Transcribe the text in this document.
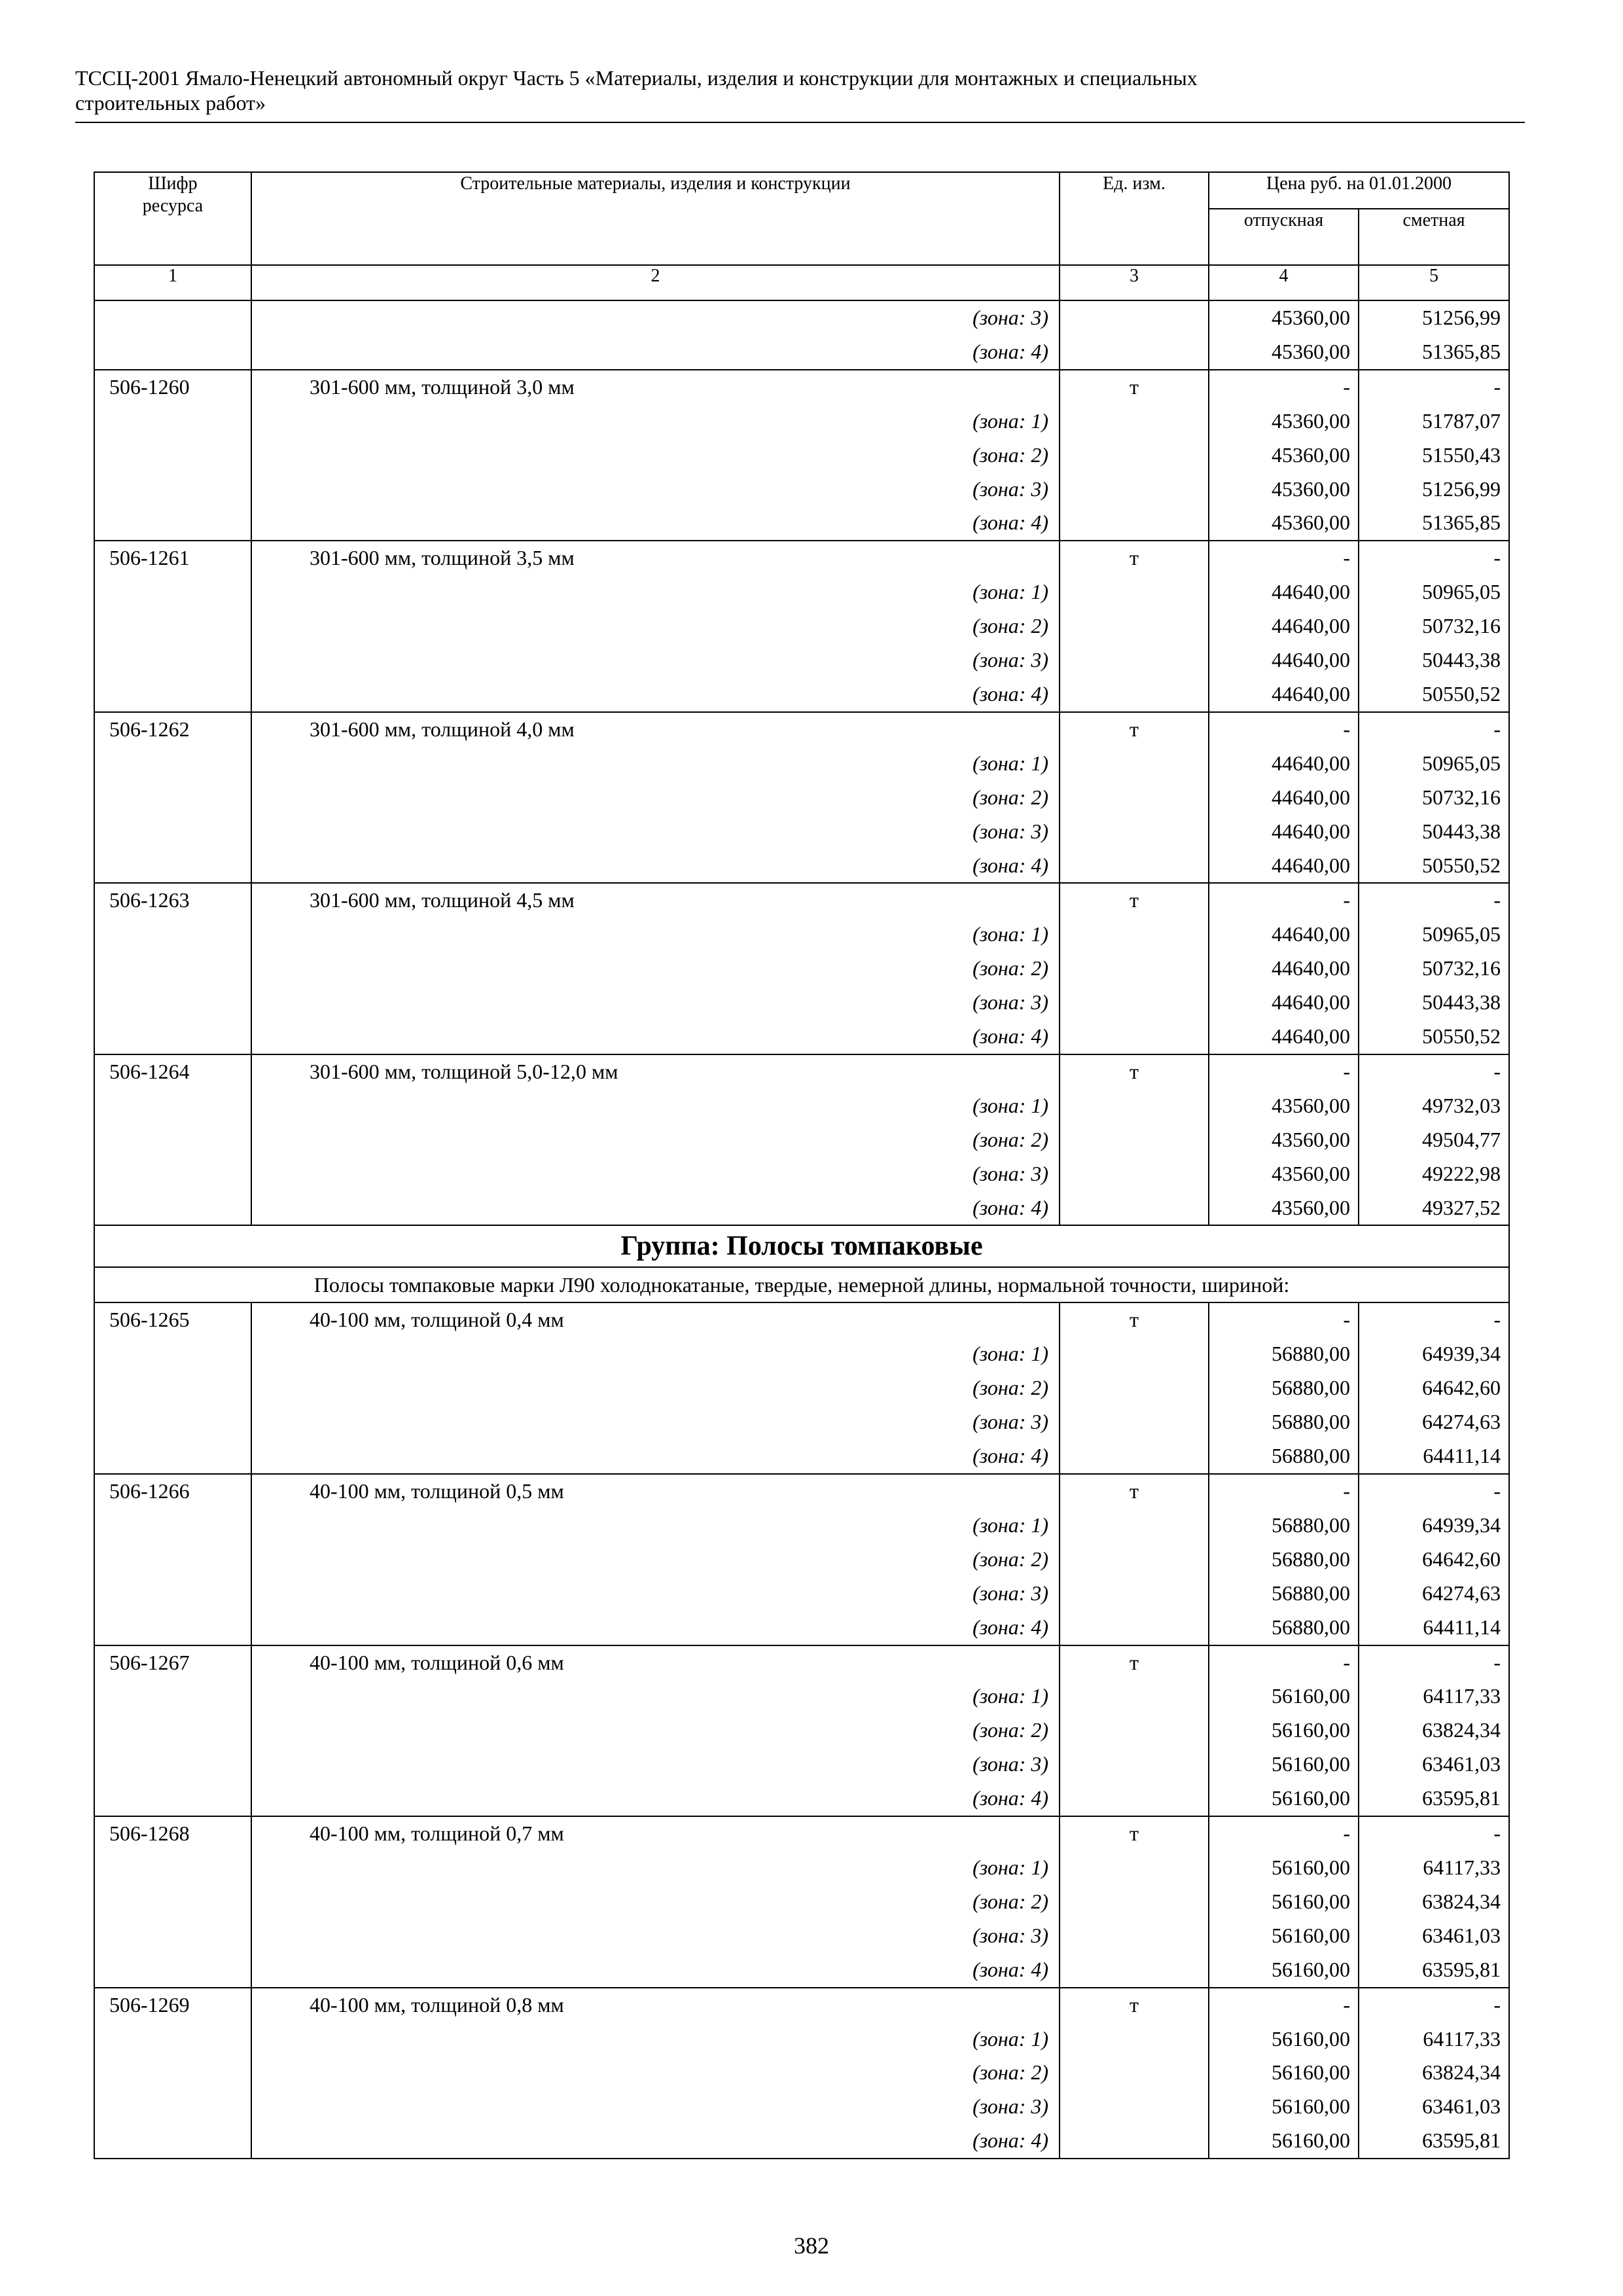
ТССЦ-2001 Ямало-Ненецкий автономный округ Часть 5 «Материалы, изделия и конструкции для монтажных и специальных
строительных работ»
Шифр ресурса	Строительные материалы, изделия и конструкции	Ед. изм.	Цена руб. на 01.01.2000	
			отпускная	сметная
1	2	3	4	5
	(зона: 3)		45360,00	51256,99
	(зона: 4)		45360,00	51365,85
506-1260	301-600 мм, толщиной 3,0 мм	т	-	-
	(зона: 1)		45360,00	51787,07
	(зона: 2)		45360,00	51550,43
	(зона: 3)		45360,00	51256,99
	(зона: 4)		45360,00	51365,85
506-1261	301-600 мм, толщиной 3,5 мм	т	-	-
	(зона: 1)		44640,00	50965,05
	(зона: 2)		44640,00	50732,16
	(зона: 3)		44640,00	50443,38
	(зона: 4)		44640,00	50550,52
506-1262	301-600 мм, толщиной 4,0 мм	т	-	-
	(зона: 1)		44640,00	50965,05
	(зона: 2)		44640,00	50732,16
	(зона: 3)		44640,00	50443,38
	(зона: 4)		44640,00	50550,52
506-1263	301-600 мм, толщиной 4,5 мм	т	-	-
	(зона: 1)		44640,00	50965,05
	(зона: 2)		44640,00	50732,16
	(зона: 3)		44640,00	50443,38
	(зона: 4)		44640,00	50550,52
506-1264	301-600 мм, толщиной 5,0-12,0 мм	т	-	-
	(зона: 1)		43560,00	49732,03
	(зона: 2)		43560,00	49504,77
	(зона: 3)		43560,00	49222,98
	(зона: 4)		43560,00	49327,52
Группа: Полосы томпаковые				
Полосы томпаковые марки Л90 холоднокатаные, твердые, немерной длины, нормальной точности, шириной:				
506-1265	40-100 мм, толщиной 0,4 мм	т	-	-
	(зона: 1)		56880,00	64939,34
	(зона: 2)		56880,00	64642,60
	(зона: 3)		56880,00	64274,63
	(зона: 4)		56880,00	64411,14
506-1266	40-100 мм, толщиной 0,5 мм	т	-	-
	(зона: 1)		56880,00	64939,34
	(зона: 2)		56880,00	64642,60
	(зона: 3)		56880,00	64274,63
	(зона: 4)		56880,00	64411,14
506-1267	40-100 мм, толщиной 0,6 мм	т	-	-
	(зона: 1)		56160,00	64117,33
	(зона: 2)		56160,00	63824,34
	(зона: 3)		56160,00	63461,03
	(зона: 4)		56160,00	63595,81
506-1268	40-100 мм, толщиной 0,7 мм	т	-	-
	(зона: 1)		56160,00	64117,33
	(зона: 2)		56160,00	63824,34
	(зона: 3)		56160,00	63461,03
	(зона: 4)		56160,00	63595,81
506-1269	40-100 мм, толщиной 0,8 мм	т	-	-
	(зона: 1)		56160,00	64117,33
	(зона: 2)		56160,00	63824,34
	(зона: 3)		56160,00	63461,03
	(зона: 4)		56160,00	63595,81
382
